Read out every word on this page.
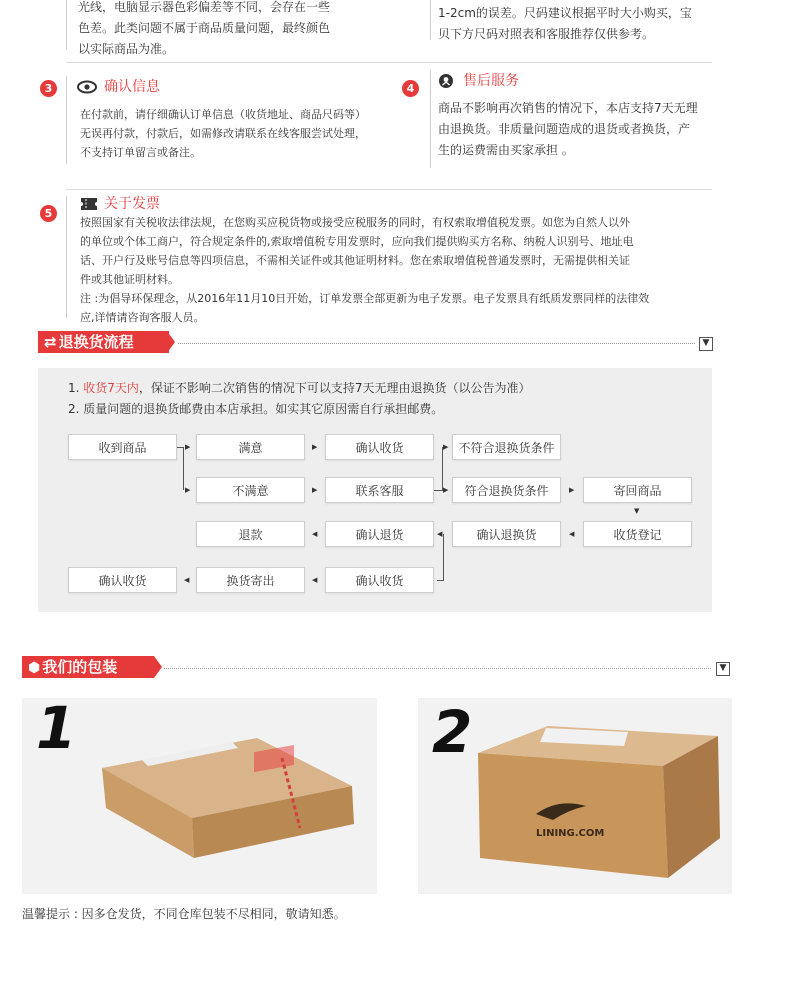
光线，电脑显示器色彩偏差等不同，会存在一些

色差。此类问题不属于商品质量问题，最终颜色

以实际商品为准。

1-2cm的误差。尺码建议根据平时大小购买，宝

贝下方尺码对照表和客服推荐仅供参考。

3	确认信息

在付款前，请仔细确认订单信息（收货地址、商品尺码等）

无误再付款，付款后，如需修改请联系在线客服尝试处理，

不支持订单留言或备注。

4	售后服务

商品不影响再次销售的情况下，本店支持7天无理

由退换货。非质量问题造成的退货或者换货，产

生的运费需由买家承担 。

5
关于发票

按照国家有关税收法律法规，在您购买应税货物或接受应税服务的同时，有权索取增值税发票。如您为自然人以外

的单位或个体工商户，符合规定条件的,索取增值税专用发票时，应向我们提供购买方名称、纳税人识别号、地址电

话、开户行及账号信息等四项信息，不需相关证件或其他证明材料。您在索取增值税普通发票时，无需提供相关证

件或其他证明材料。

注 :为倡导环保理念，从2016年11月10日开始，订单发票全部更新为电子发票。电子发票具有纸质发票同样的法律效

应,详情请咨询客服人员。

⇄ 退换货流程	▼
1. 收货7天内，保证不影响二次销售的情况下可以支持7天无理由退换货（以公告为准）
2. 质量问题的退换货邮费由本店承担。如实其它原因需自行承担邮费。
收到商品	满意	确认收货	不符合退换货条件
不满意	联系客服	符合退换货条件	寄回商品
退款	确认退货	确认退换货	收货登记
确认收货	换货寄出	确认收货
▶
▶
▶
▶
▶
▶	▶
▼
◀
◀
◀
◀
◀
⬢ 我们的包装	▼
1
LINING.COM
2
温馨提示 : 因多仓发货，不同仓库包装不尽相同，敬请知悉。
